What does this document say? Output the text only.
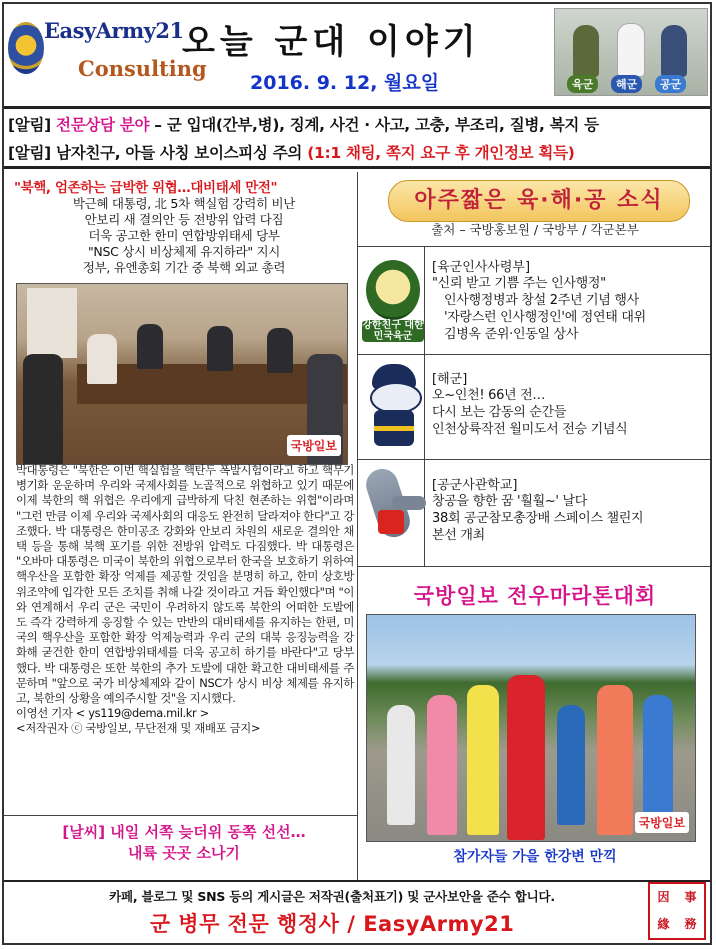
EasyArmy21
Consulting
오늘 군대 이야기
2016. 9. 12, 월요일	육군	해군	공군
[알림] 전문상담 분야 – 군 입대(간부,병), 징계, 사건 · 사고, 고충, 부조리, 질병, 복지 등
[알림] 남자친구, 아들 사칭 보이스피싱 주의 (1:1 채팅, 쪽지 요구 후 개인정보 획득)
"북핵, 엄존하는 급박한 위협…대비태세 만전"
박근혜 대통령, 北 5차 핵실험 강력히 비난
안보리 새 결의안 등 전방위 압력 다짐
더욱 공고한 한미 연합방위태세 당부
"NSC 상시 비상체제 유지하라" 지시
정부, 유엔총회 기간 중 북핵 외교 총력
국방일보
박대통령은 "북한은 이번 핵실험을 핵탄두 폭발시험이라고 하고 핵무기 병기화 운운하며 우리와 국제사회를 노골적으로 위협하고 있기 때문에 이제 북한의 핵 위협은 우리에게 급박하게 닥친 현존하는 위협"이라며 "그런 만큼 이제 우리와 국제사회의 대응도 완전히 달라져야 한다"고 강조했다. 박 대통령은 한미공조 강화와 안보리 차원의 새로운 결의안 채택 등을 통해 북핵 포기를 위한 전방위 압력도 다짐했다. 박 대통령은 "오바마 대통령은 미국이 북한의 위협으로부터 한국을 보호하기 위하여 핵우산을 포함한 확장 억제를 제공할 것임을 분명히 하고, 한미 상호방위조약에 입각한 모든 조치를 취해 나갈 것이라고 거듭 확인했다"며 "이와 연계해서 우리 군은 국민이 우려하지 않도록 북한의 어떠한 도발에도 즉각 강력하게 응징할 수 있는 만반의 대비태세를 유지하는 한편, 미국의 핵우산을 포함한 확장 억제능력과 우리 군의 대북 응징능력을 강화해 굳건한 한미 연합방위태세를 더욱 공고히 하기를 바란다"고 당부했다. 박 대통령은 또한 북한의 추가 도발에 대한 확고한 대비태세를 주문하며 "앞으로 국가 비상체제와 같이 NSC가 상시 비상 체제를 유지하고, 북한의 상황을 예의주시할 것"을 지시했다.
이영선 기자 < ys119@dema.mil.kr >
<저작권자 ⓒ 국방일보, 무단전재 및 재배포 금지>
[날씨] 내일 서쪽 늦더위 동쪽 선선…
내륙 곳곳 소나기
아주짧은 육·해·공 소식
출처 – 국방홍보원 / 국방부 / 각군본부
강한친구 대한민국육군
[육군인사사령부]
"신뢰 받고 기쁨 주는 인사행정"
인사행정병과 창설 2주년 기념 행사
'자랑스런 인사행정인'에 정연태 대위
김병옥 준위·인동일 상사
[해군]
오~인천! 66년 전…
다시 보는 감동의 순간들
인천상륙작전 월미도서 전승 기념식
[공군사관학교]
창공을 향한 꿈 '훨훨~' 날다
38회 공군참모총장배 스페이스 챌린지
본선 개최
국방일보 전우마라톤대회
국방일보
참가자들 가을 한강변 만끽
카페, 블로그 및 SNS 등의 게시글은 저작권(출처표기) 및 군사보안을 준수 합니다.
군 병무 전문 행정사 / EasyArmy21
因	事
緣	務
